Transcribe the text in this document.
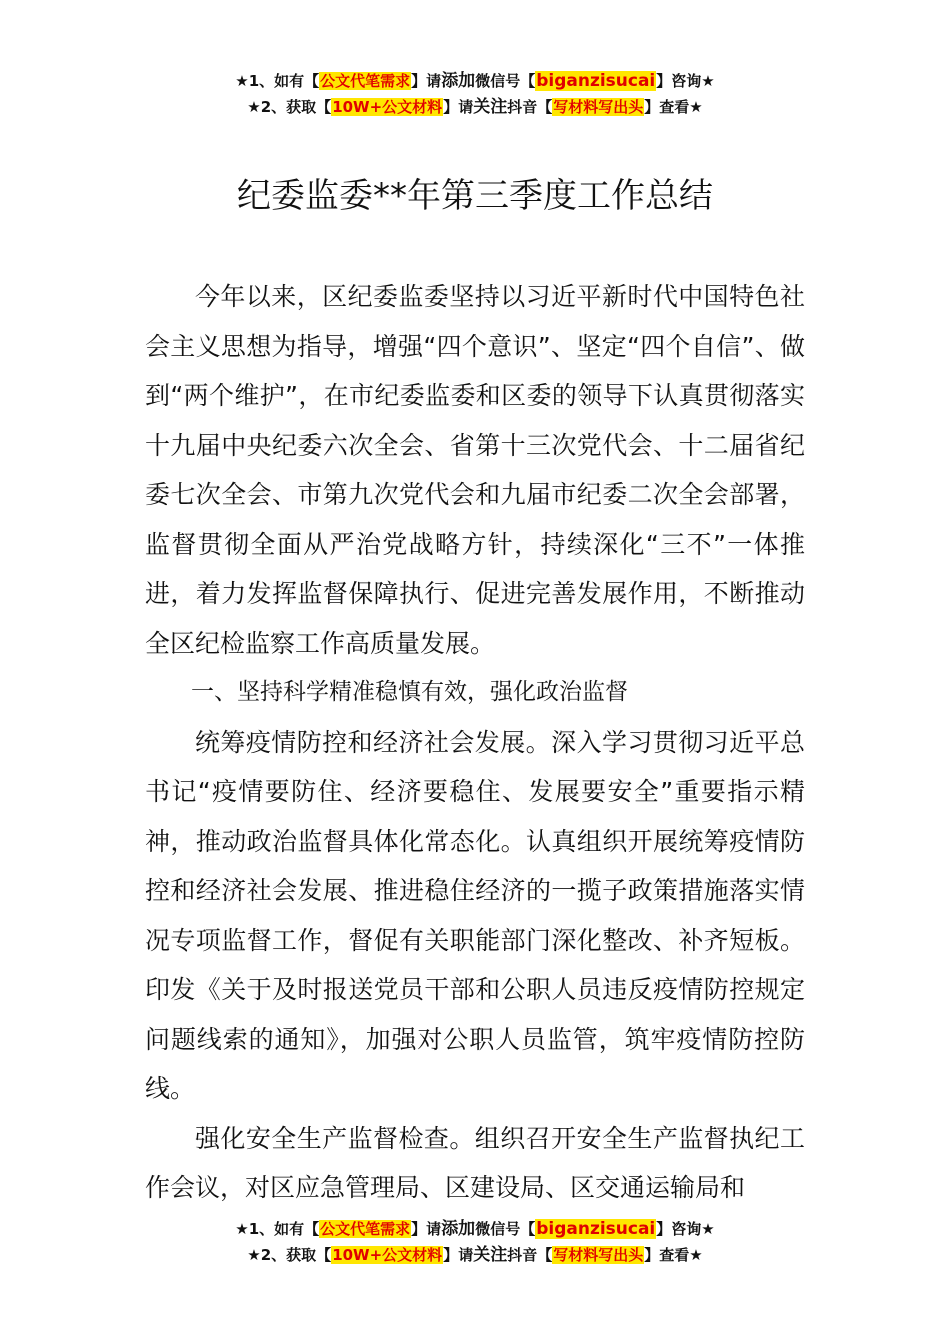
★1、如有【公文代笔需求】请添加微信号【biganzisucai】咨询★
★2、获取【10W+公文材料】请关注抖音【写材料写出头】查看★
纪委监委**年第三季度工作总结

今年以来，区纪委监委坚持以习近平新时代中国特色社会主义思想为指导，增强“四个意识”、坚定“四个自信”、做到“两个维护”，在市纪委监委和区委的领导下认真贯彻落实十九届中央纪委六次全会、省第十三次党代会、十二届省纪委七次全会、市第九次党代会和九届市纪委二次全会部署，监督贯彻全面从严治党战略方针，持续深化“三不”一体推进，着力发挥监督保障执行、促进完善发展作用，不断推动全区纪检监察工作高质量发展。

一、坚持科学精准稳慎有效，强化政治监督

统筹疫情防控和经济社会发展。深入学习贯彻习近平总书记“疫情要防住、经济要稳住、发展要安全”重要指示精神，推动政治监督具体化常态化。认真组织开展统筹疫情防控和经济社会发展、推进稳住经济的一揽子政策措施落实情况专项监督工作，督促有关职能部门深化整改、补齐短板。印发《关于及时报送党员干部和公职人员违反疫情防控规定问题线索的通知》，加强对公职人员监管，筑牢疫情防控防线。

强化安全生产监督检查。组织召开安全生产监督执纪工作会议，对区应急管理局、区建设局、区交通运输局和

★1、如有【公文代笔需求】请添加微信号【biganzisucai】咨询★
★2、获取【10W+公文材料】请关注抖音【写材料写出头】查看★
